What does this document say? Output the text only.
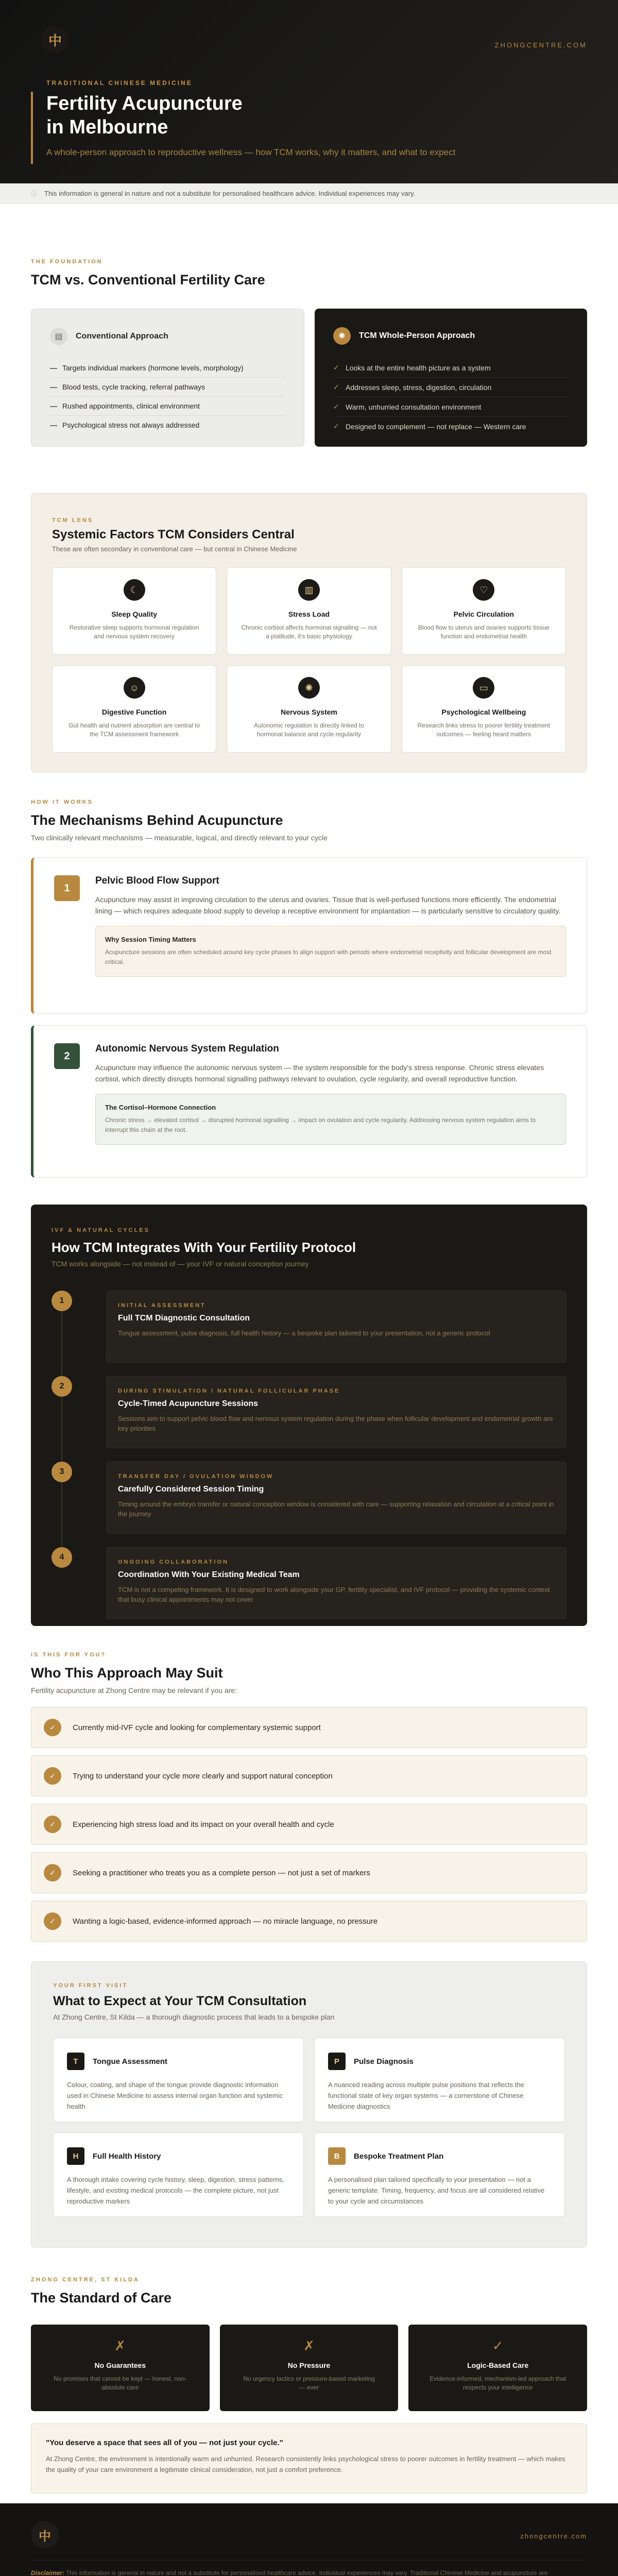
中	ZHONGCENTRE.COM
TRADITIONAL CHINESE MEDICINE
Fertility Acupuncture
in Melbourne
A whole-person approach to reproductive wellness — how TCM works, why it matters, and what to expect
ⓘ	This information is general in nature and not a substitute for personalised healthcare advice. Individual experiences may vary.
THE FOUNDATION
TCM vs. Conventional Fertility Care
▤	Conventional Approach
— Targets individual markers (hormone levels, morphology)
— Blood tests, cycle tracking, referral pathways
— Rushed appointments, clinical environment
— Psychological stress not always addressed
✺	TCM Whole-Person Approach
✓ Looks at the entire health picture as a system
✓ Addresses sleep, stress, digestion, circulation
✓ Warm, unhurried consultation environment
✓ Designed to complement — not replace — Western care
TCM LENS
Systemic Factors TCM Considers Central
These are often secondary in conventional care — but central in Chinese Medicine
☾
Sleep Quality
Restorative sleep supports hormonal regulation and nervous system recovery
▥
Stress Load
Chronic cortisol affects hormonal signalling — not a platitude, it's basic physiology
♡
Pelvic Circulation
Blood flow to uterus and ovaries supports tissue function and endometrial health
☺
Digestive Function
Gut health and nutrient absorption are central to the TCM assessment framework
✺
Nervous System
Autonomic regulation is directly linked to hormonal balance and cycle regularity
▭
Psychological Wellbeing
Research links stress to poorer fertility treatment outcomes — feeling heard matters
HOW IT WORKS
The Mechanisms Behind Acupuncture
Two clinically relevant mechanisms — measurable, logical, and directly relevant to your cycle
1
Pelvic Blood Flow Support
Acupuncture may assist in improving circulation to the uterus and ovaries. Tissue that is well-perfused functions more efficiently. The endometrial lining — which requires adequate blood supply to develop a receptive environment for implantation — is particularly sensitive to circulatory quality.
Why Session Timing Matters
Acupuncture sessions are often scheduled around key cycle phases to align support with periods where endometrial receptivity and follicular development are most critical.
2
Autonomic Nervous System Regulation
Acupuncture may influence the autonomic nervous system — the system responsible for the body's stress response. Chronic stress elevates cortisol, which directly disrupts hormonal signalling pathways relevant to ovulation, cycle regularity, and overall reproductive function.
The Cortisol–Hormone Connection
Chronic stress → elevated cortisol → disrupted hormonal signalling → impact on ovulation and cycle regularity. Addressing nervous system regulation aims to interrupt this chain at the root.
IVF & NATURAL CYCLES
How TCM Integrates With Your Fertility Protocol
TCM works alongside — not instead of — your IVF or natural conception journey
1
INITIAL ASSESSMENT
Full TCM Diagnostic Consultation
Tongue assessment, pulse diagnosis, full health history — a bespoke plan tailored to your presentation, not a generic protocol
2
DURING STIMULATION / NATURAL FOLLICULAR PHASE
Cycle-Timed Acupuncture Sessions
Sessions aim to support pelvic blood flow and nervous system regulation during the phase when follicular development and endometrial growth are key priorities
3
TRANSFER DAY / OVULATION WINDOW
Carefully Considered Session Timing
Timing around the embryo transfer or natural conception window is considered with care — supporting relaxation and circulation at a critical point in the journey
4
ONGOING COLLABORATION
Coordination With Your Existing Medical Team
TCM is not a competing framework. It is designed to work alongside your GP, fertility specialist, and IVF protocol — providing the systemic context that busy clinical appointments may not cover
IS THIS FOR YOU?
Who This Approach May Suit
Fertility acupuncture at Zhong Centre may be relevant if you are:
✓	Currently mid-IVF cycle and looking for complementary systemic support
✓	Trying to understand your cycle more clearly and support natural conception
✓	Experiencing high stress load and its impact on your overall health and cycle
✓	Seeking a practitioner who treats you as a complete person — not just a set of markers
✓	Wanting a logic-based, evidence-informed approach — no miracle language, no pressure
YOUR FIRST VISIT
What to Expect at Your TCM Consultation
At Zhong Centre, St Kilda — a thorough diagnostic process that leads to a bespoke plan
T	Tongue Assessment
Colour, coating, and shape of the tongue provide diagnostic information used in Chinese Medicine to assess internal organ function and systemic health
P	Pulse Diagnosis
A nuanced reading across multiple pulse positions that reflects the functional state of key organ systems — a cornerstone of Chinese Medicine diagnostics
H	Full Health History
A thorough intake covering cycle history, sleep, digestion, stress patterns, lifestyle, and existing medical protocols — the complete picture, not just reproductive markers
B	Bespoke Treatment Plan
A personalised plan tailored specifically to your presentation — not a generic template. Timing, frequency, and focus are all considered relative to your cycle and circumstances
ZHONG CENTRE, ST KILDA
The Standard of Care
✗
No Guarantees
No promises that cannot be kept — honest, non-absolute care
✗
No Pressure
No urgency tactics or pressure-based marketing — ever
✓
Logic-Based Care
Evidence-informed, mechanism-led approach that respects your intelligence
"You deserve a space that sees all of you — not just your cycle."
At Zhong Centre, the environment is intentionally warm and unhurried. Research consistently links psychological stress to poorer outcomes in fertility treatment — which makes the quality of your care environment a legitimate clinical consideration, not just a comfort preference.
中	zhongcentre.com
Disclaimer: This information is general in nature and not a substitute for personalised healthcare advice. Individual experiences may vary. Traditional Chinese Medicine and acupuncture are
